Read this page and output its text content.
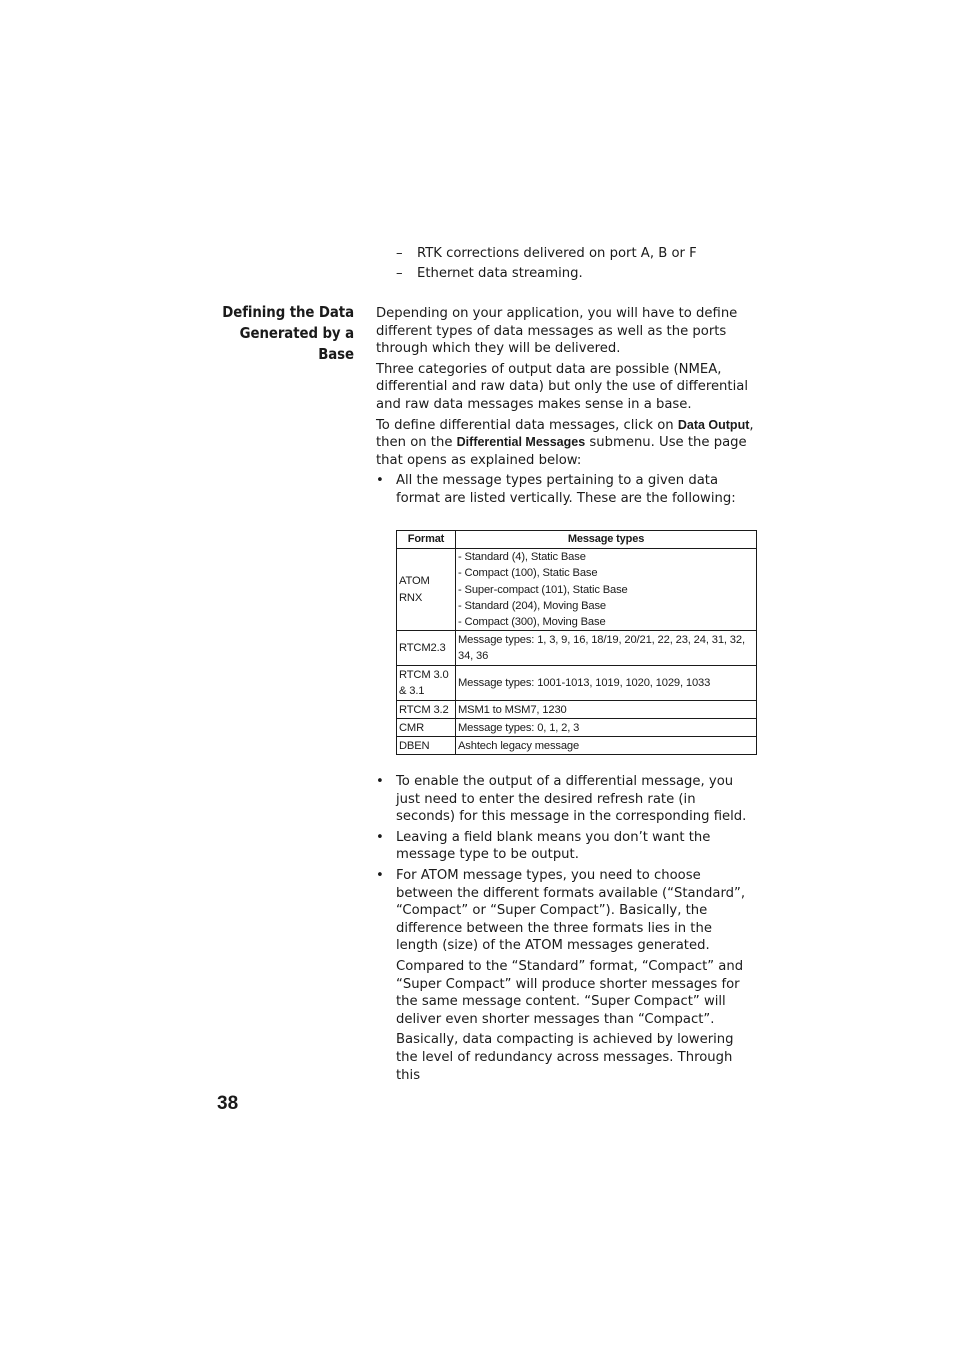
– RTK corrections delivered on port A, B or F
– Ethernet data streaming.
Defining the Data
Generated by a
Base

Depending on your application, you will have to define different types of data messages as well as the ports through which they will be delivered.

Three categories of output data are possible (NMEA, differential and raw data) but only the use of differential and raw data messages makes sense in a base.

To define differential data messages, click on Data Output, then on the Differential Messages submenu. Use the page that opens as explained below:

• All the message types pertaining to a given data format are listed vertically. These are the following:
Format	Message types

ATOM
RNX	- Standard (4), Static Base
- Compact (100), Static Base
- Super-compact (101), Static Base
- Standard (204), Moving Base
- Compact (300), Moving Base

RTCM2.3	Message types: 1, 3, 9, 16, 18/19, 20/21, 22, 23, 24, 31, 32, 34, 36

RTCM 3.0
& 3.1	Message types: 1001-1013, 1019, 1020, 1029, 1033
RTCM 3.2	MSM1 to MSM7, 1230
CMR	Message types: 0, 1, 2, 3
DBEN	Ashtech legacy message
• To enable the output of a differential message, you just need to enter the desired refresh rate (in seconds) for this message in the corresponding field.
• Leaving a field blank means you don’t want the message type to be output.

• For ATOM message types, you need to choose between the different formats available (“Standard”, “Compact” or “Super Compact”). Basically, the difference between the three formats lies in the length (size) of the ATOM messages generated.

Compared to the “Standard” format, “Compact” and “Super Compact” will produce shorter messages for the same message content. “Super Compact” will deliver even shorter messages than “Compact”.

Basically, data compacting is achieved by lowering the level of redundancy across messages. Through this

38
